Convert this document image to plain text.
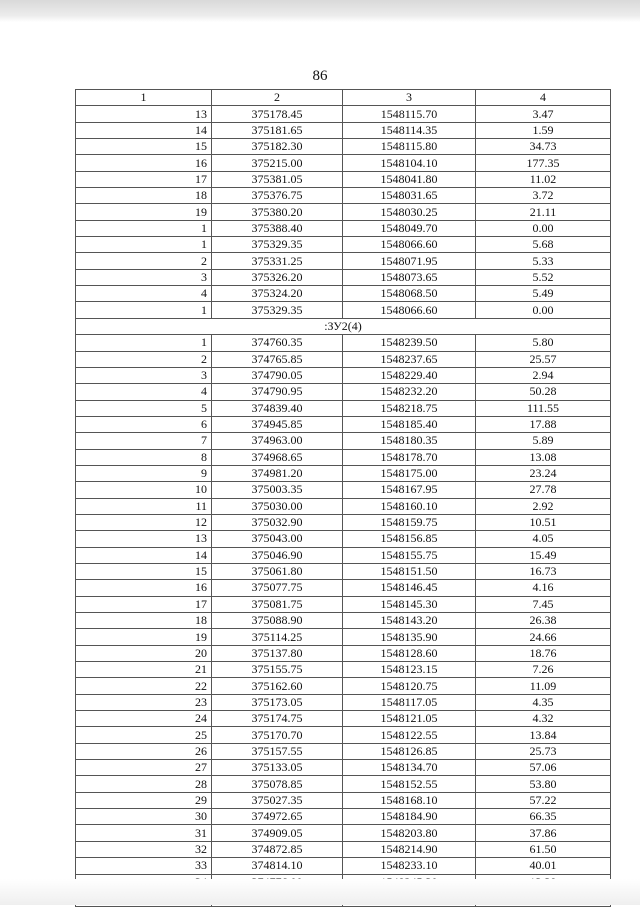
86
1	2	3	4
13	375178.45	1548115.70	3.47
14	375181.65	1548114.35	1.59
15	375182.30	1548115.80	34.73
16	375215.00	1548104.10	177.35
17	375381.05	1548041.80	11.02
18	375376.75	1548031.65	3.72
19	375380.20	1548030.25	21.11
1	375388.40	1548049.70	0.00
1	375329.35	1548066.60	5.68
2	375331.25	1548071.95	5.33
3	375326.20	1548073.65	5.52
4	375324.20	1548068.50	5.49
1	375329.35	1548066.60	0.00
:ЗУ2(4)			
1	374760.35	1548239.50	5.80
2	374765.85	1548237.65	25.57
3	374790.05	1548229.40	2.94
4	374790.95	1548232.20	50.28
5	374839.40	1548218.75	111.55
6	374945.85	1548185.40	17.88
7	374963.00	1548180.35	5.89
8	374968.65	1548178.70	13.08
9	374981.20	1548175.00	23.24
10	375003.35	1548167.95	27.78
11	375030.00	1548160.10	2.92
12	375032.90	1548159.75	10.51
13	375043.00	1548156.85	4.05
14	375046.90	1548155.75	15.49
15	375061.80	1548151.50	16.73
16	375077.75	1548146.45	4.16
17	375081.75	1548145.30	7.45
18	375088.90	1548143.20	26.38
19	375114.25	1548135.90	24.66
20	375137.80	1548128.60	18.76
21	375155.75	1548123.15	7.26
22	375162.60	1548120.75	11.09
23	375173.05	1548117.05	4.35
24	375174.75	1548121.05	4.32
25	375170.70	1548122.55	13.84
26	375157.55	1548126.85	25.73
27	375133.05	1548134.70	57.06
28	375078.85	1548152.55	53.80
29	375027.35	1548168.10	57.22
30	374972.65	1548184.90	66.35
31	374909.05	1548203.80	37.86
32	374872.85	1548214.90	61.50
33	374814.10	1548233.10	40.01
